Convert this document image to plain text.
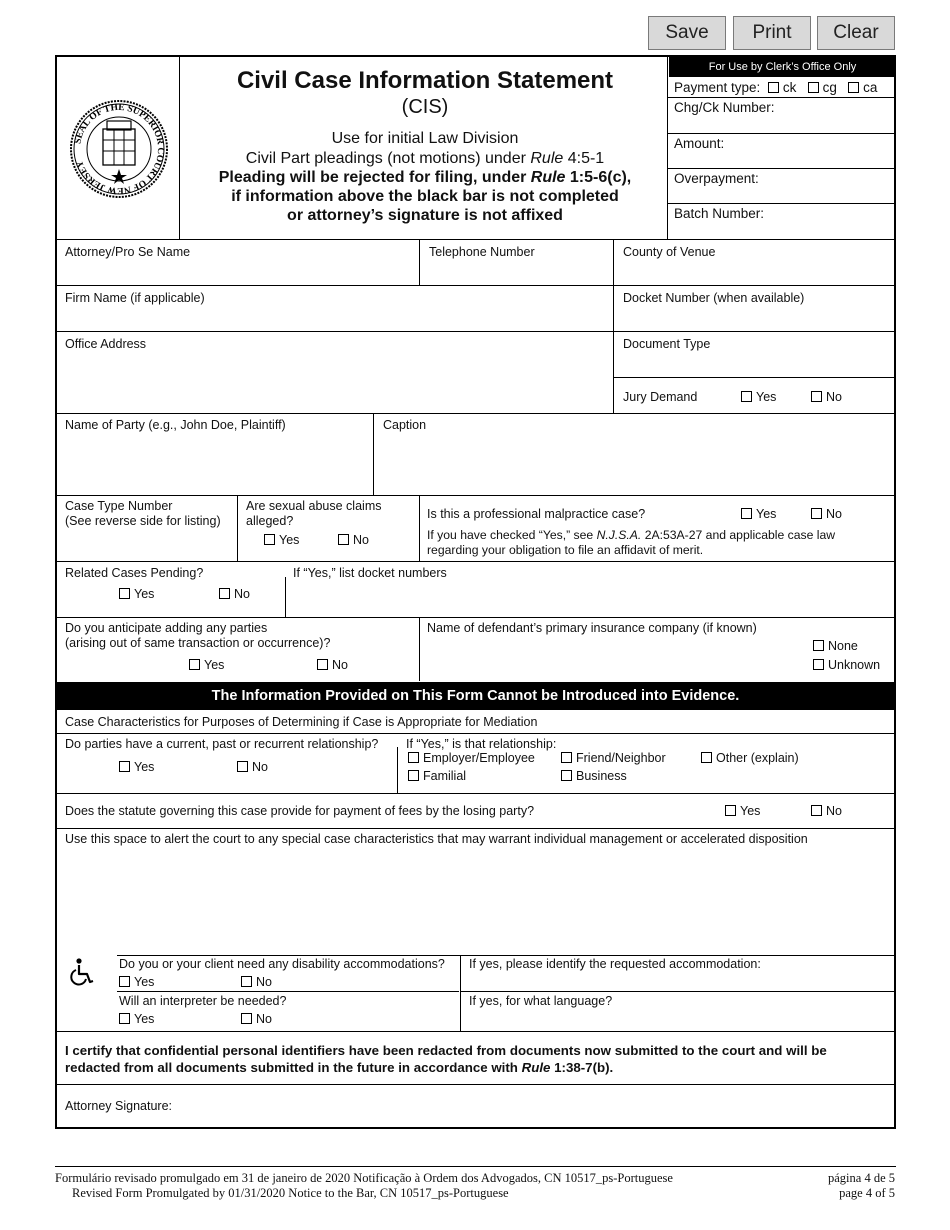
Save	Print	Clear
SEAL OF THE SUPERIOR COURT OF NEW JERSEY
Civil Case Information Statement
(CIS)
Use for initial Law Division
Civil Part pleadings (not motions) under Rule 4:5-1
Pleading will be rejected for filing, under Rule 1:5-6(c),
if information above the black bar is not completed
or attorney’s signature is not affixed
For Use by Clerk’s Office Only
Payment type: ck cg ca
Chg/Ck Number:
Amount:
Overpayment:
Batch Number:
Attorney/Pro Se Name	Telephone Number	County of Venue
Firm Name (if applicable)	Docket Number (when available)
Office Address	Document Type
Jury Demand	Yes	No
Name of Party (e.g., John Doe, Plaintiff)	Caption
Case Type Number
(See reverse side for listing)
Are sexual abuse claims
alleged?
Yes	No
Is this a professional malpractice case?	Yes	No
If you have checked “Yes,” see N.J.S.A. 2A:53A-27 and applicable case law
regarding your obligation to file an affidavit of merit.
Related Cases Pending?
Yes	No
If “Yes,” list docket numbers
Do you anticipate adding any parties
(arising out of same transaction or occurrence)?
Yes	No
Name of defendant’s primary insurance company (if known)
None
Unknown
The Information Provided on This Form Cannot be Introduced into Evidence.
Case Characteristics for Purposes of Determining if Case is Appropriate for Mediation
Do parties have a current, past or recurrent relationship?
Yes	No
If “Yes,” is that relationship:
Employer/Employee	Friend/Neighbor	Other (explain)
Familial	Business
Does the statute governing this case provide for payment of fees by the losing party?	Yes	No
Use this space to alert the court to any special case characteristics that may warrant individual management or accelerated disposition
Do you or your client need any disability accommodations?
Yes	No
If yes, please identify the requested accommodation:
Will an interpreter be needed?
Yes	No
If yes, for what language?
I certify that confidential personal identifiers have been redacted from documents now submitted to the court and will be
redacted from all documents submitted in the future in accordance with Rule 1:38-7(b).
Attorney Signature:
Formulário revisado promulgado em 31 de janeiro de 2020 Notificação à Ordem dos Advogados, CN 10517_ps-Portuguese
Revised Form Promulgated by 01/31/2020 Notice to the Bar, CN 10517_ps-Portuguese
página 4 de 5
page 4 of 5
